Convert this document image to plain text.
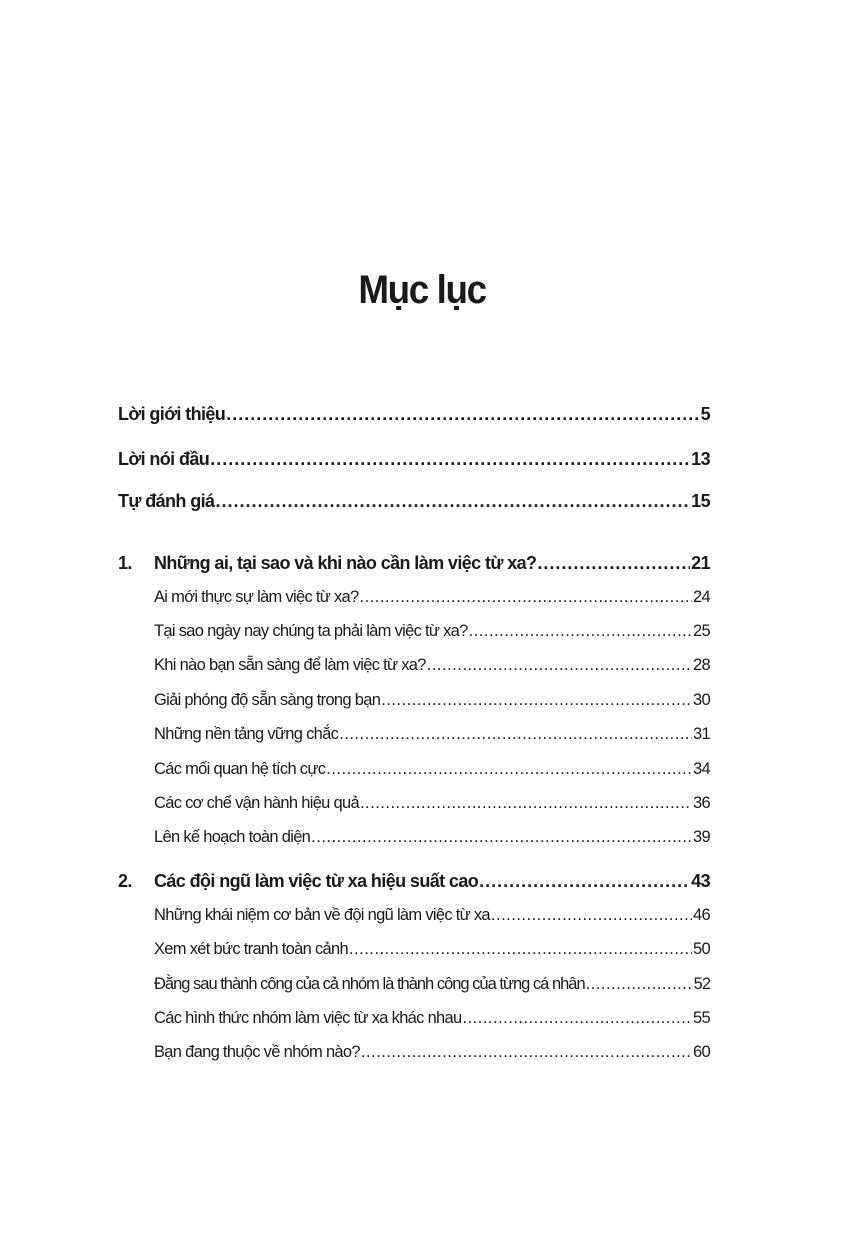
Mục lục
Lời giới thiệu .....	5
Lời nói đầu .....	13
Tự đánh giá .....	15
1.	Những ai, tại sao và khi nào cần làm việc từ xa? .....	21
Ai mới thực sự làm việc từ xa? .....	24
Tại sao ngày nay chúng ta phải làm việc từ xa? .....	25
Khi nào bạn sẵn sàng để làm việc từ xa? .....	28
Giải phóng độ sẵn sàng trong bạn .....	30
Những nền tảng vững chắc .....	31
Các mối quan hệ tích cực .....	34
Các cơ chế vận hành hiệu quả .....	36
Lên kế hoạch toàn diện .....	39
2.	Các đội ngũ làm việc từ xa hiệu suất cao .....	43
Những khái niệm cơ bản về đội ngũ làm việc từ xa .....	46
Xem xét bức tranh toàn cảnh .....	50
Đằng sau thành công của cả nhóm là thành công của từng cá nhân .....	52
Các hình thức nhóm làm việc từ xa khác nhau .....	55
Bạn đang thuộc về nhóm nào? .....	60
